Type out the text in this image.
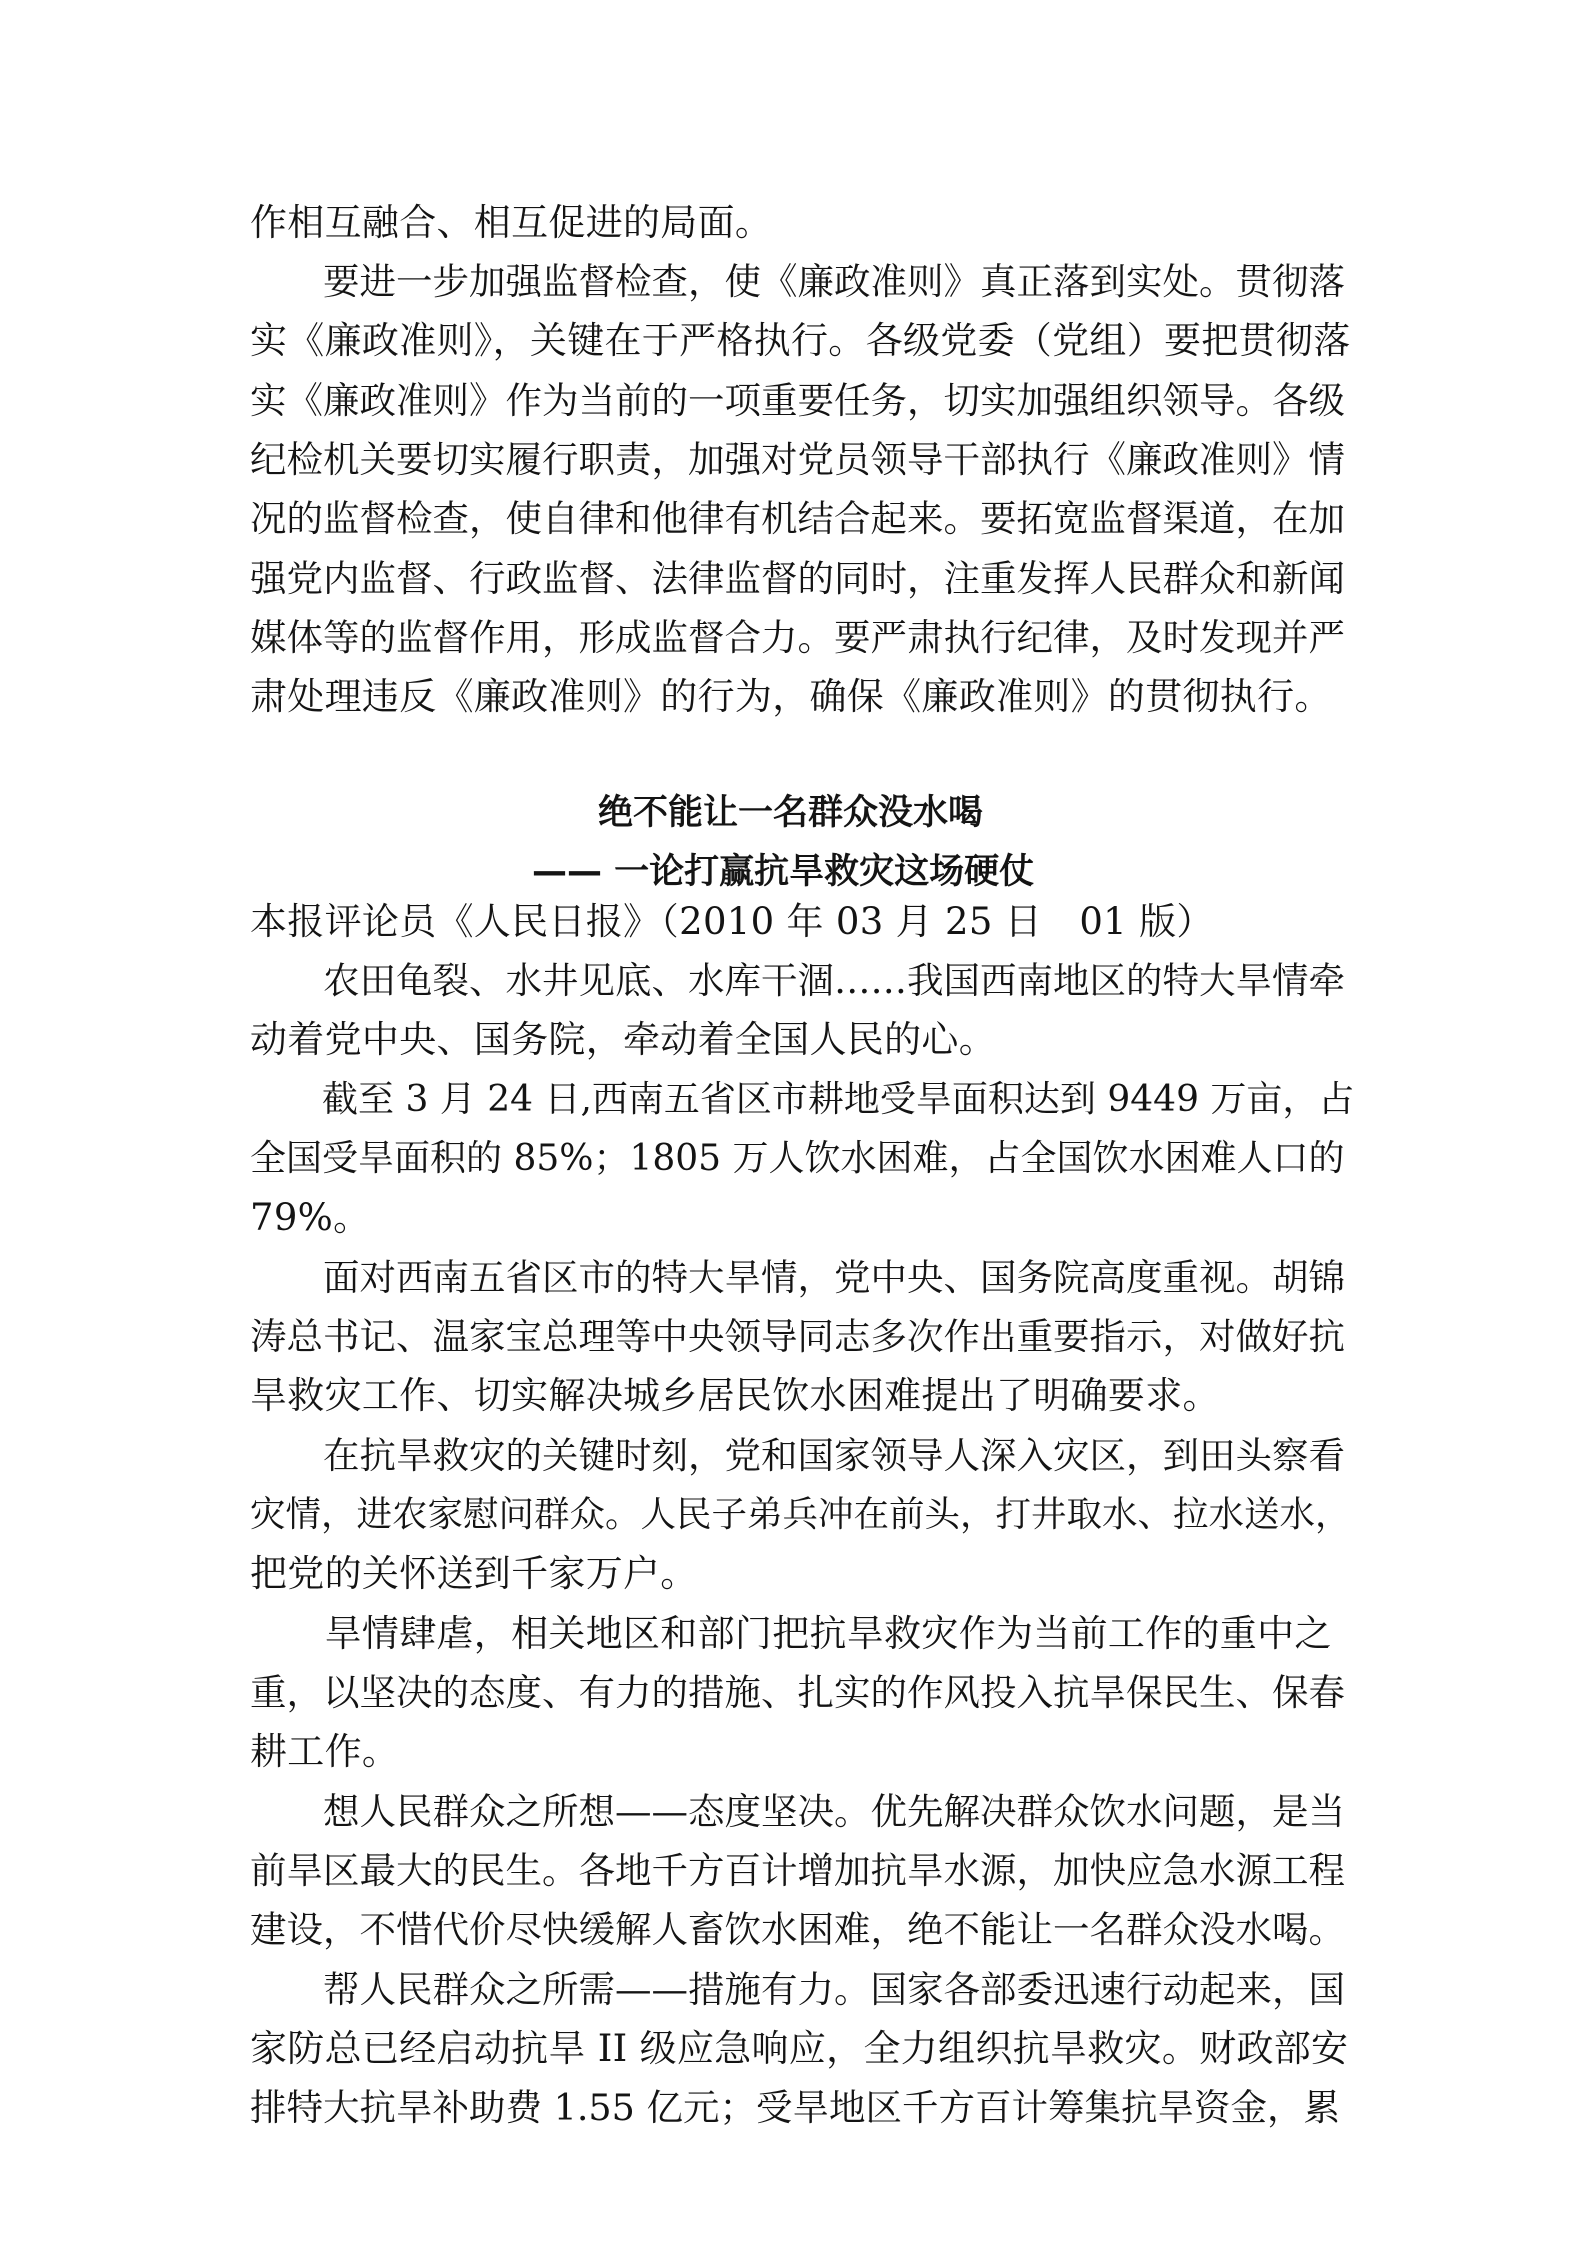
作相互融合、相互促进的局面。
　　要进一步加强监督检查，使《廉政准则》真正落到实处。贯彻落
实《廉政准则》，关键在于严格执行。各级党委（党组）要把贯彻落
实《廉政准则》作为当前的一项重要任务，切实加强组织领导。各级
纪检机关要切实履行职责，加强对党员领导干部执行《廉政准则》情
况的监督检查，使自律和他律有机结合起来。要拓宽监督渠道，在加
强党内监督、行政监督、法律监督的同时，注重发挥人民群众和新闻
媒体等的监督作用，形成监督合力。要严肃执行纪律，及时发现并严
肃处理违反《廉政准则》的行为，确保《廉政准则》的贯彻执行。
绝不能让一名群众没水喝
—— 一论打赢抗旱救灾这场硬仗
本报评论员《人民日报》（2010 年 03 月 25 日　01 版）
　　农田龟裂、水井见底、水库干涸……我国西南地区的特大旱情牵
动着党中央、国务院，牵动着全国人民的心。
　　截至 3 月 24 日,西南五省区市耕地受旱面积达到 9449 万亩，占
全国受旱面积的 85%；1805 万人饮水困难，占全国饮水困难人口的
79%。
　　面对西南五省区市的特大旱情，党中央、国务院高度重视。胡锦
涛总书记、温家宝总理等中央领导同志多次作出重要指示，对做好抗
旱救灾工作、切实解决城乡居民饮水困难提出了明确要求。
　　在抗旱救灾的关键时刻，党和国家领导人深入灾区，到田头察看
灾情，进农家慰问群众。人民子弟兵冲在前头，打井取水、拉水送水，
把党的关怀送到千家万户。
　　旱情肆虐，相关地区和部门把抗旱救灾作为当前工作的重中之
重，以坚决的态度、有力的措施、扎实的作风投入抗旱保民生、保春
耕工作。
　　想人民群众之所想——态度坚决。优先解决群众饮水问题，是当
前旱区最大的民生。各地千方百计增加抗旱水源，加快应急水源工程
建设，不惜代价尽快缓解人畜饮水困难，绝不能让一名群众没水喝。
　　帮人民群众之所需——措施有力。国家各部委迅速行动起来，国
家防总已经启动抗旱 II 级应急响应，全力组织抗旱救灾。财政部安
排特大抗旱补助费 1.55 亿元；受旱地区千方百计筹集抗旱资金，累
